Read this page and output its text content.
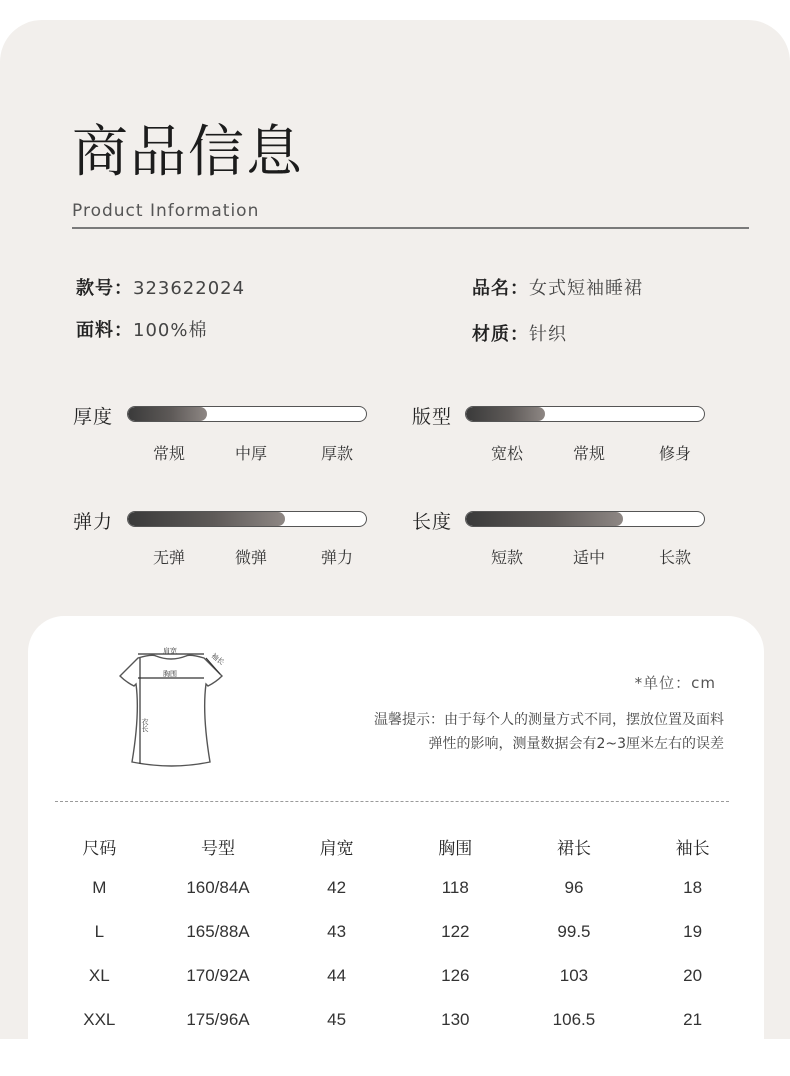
商品信息
Product Information
款号：323622024	品名：女式短袖睡裙
面料：100%棉	材质：针织
厚度
常规	中厚	厚款
版型
宽松	常规	修身
弹力
无弹	微弹	弹力
长度
短款	适中	长款
肩宽
胸围
袖长
衣长
*单位：cm
温馨提示：由于每个人的测量方式不同，摆放位置及面料
弹性的影响，测量数据会有2~3厘米左右的误差
尺码	号型	肩宽	胸围	裙长	袖长
M	160/84A	42	118	96	18
L	165/88A	43	122	99.5	19
XL	170/92A	44	126	103	20
XXL	175/96A	45	130	106.5	21
